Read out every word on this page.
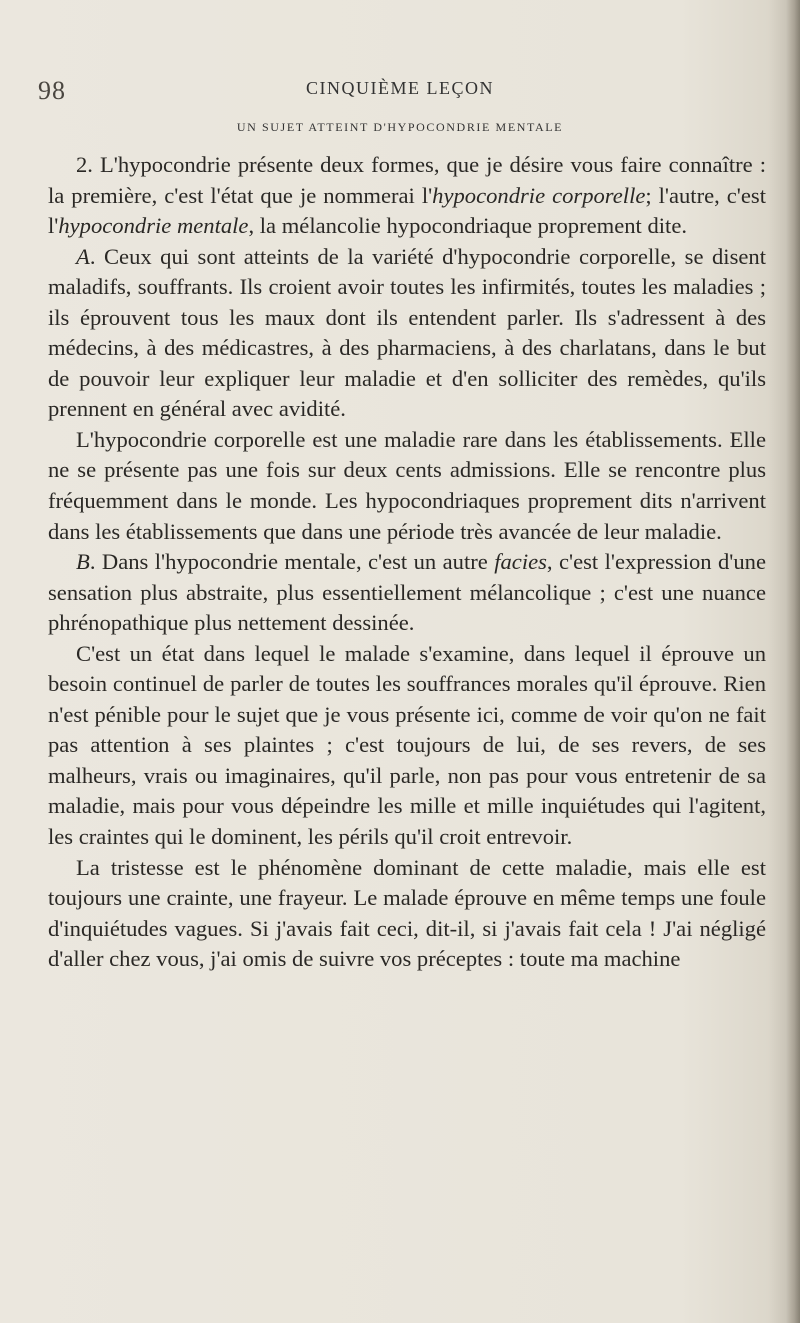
98	CINQUIÈME LEÇON
UN SUJET ATTEINT D'HYPOCONDRIE MENTALE

2. L'hypocondrie présente deux formes, que je désire vous faire connaître : la première, c'est l'état que je nommerai l'hypocondrie corporelle; l'autre, c'est l'hypocondrie mentale, la mélancolie hypocondriaque proprement dite.

A. Ceux qui sont atteints de la variété d'hypocondrie corporelle, se disent maladifs, souffrants. Ils croient avoir toutes les infirmités, toutes les maladies ; ils éprouvent tous les maux dont ils entendent parler. Ils s'adressent à des médecins, à des médicastres, à des pharmaciens, à des charlatans, dans le but de pouvoir leur expliquer leur maladie et d'en solliciter des remèdes, qu'ils prennent en général avec avidité.

L'hypocondrie corporelle est une maladie rare dans les établissements. Elle ne se présente pas une fois sur deux cents admissions. Elle se rencontre plus fréquemment dans le monde. Les hypocondriaques proprement dits n'arrivent dans les établissements que dans une période très avancée de leur maladie.

B. Dans l'hypocondrie mentale, c'est un autre facies, c'est l'expression d'une sensation plus abstraite, plus essentiellement mélancolique ; c'est une nuance phrénopathique plus nettement dessinée.

C'est un état dans lequel le malade s'examine, dans lequel il éprouve un besoin continuel de parler de toutes les souffrances morales qu'il éprouve. Rien n'est pénible pour le sujet que je vous présente ici, comme de voir qu'on ne fait pas attention à ses plaintes ; c'est toujours de lui, de ses revers, de ses malheurs, vrais ou imaginaires, qu'il parle, non pas pour vous entretenir de sa maladie, mais pour vous dépeindre les mille et mille inquiétudes qui l'agitent, les craintes qui le dominent, les périls qu'il croit entrevoir.

La tristesse est le phénomène dominant de cette maladie, mais elle est toujours une crainte, une frayeur. Le malade éprouve en même temps une foule d'inquiétudes vagues. Si j'avais fait ceci, dit-il, si j'avais fait cela ! J'ai négligé d'aller chez vous, j'ai omis de suivre vos préceptes : toute ma machine
